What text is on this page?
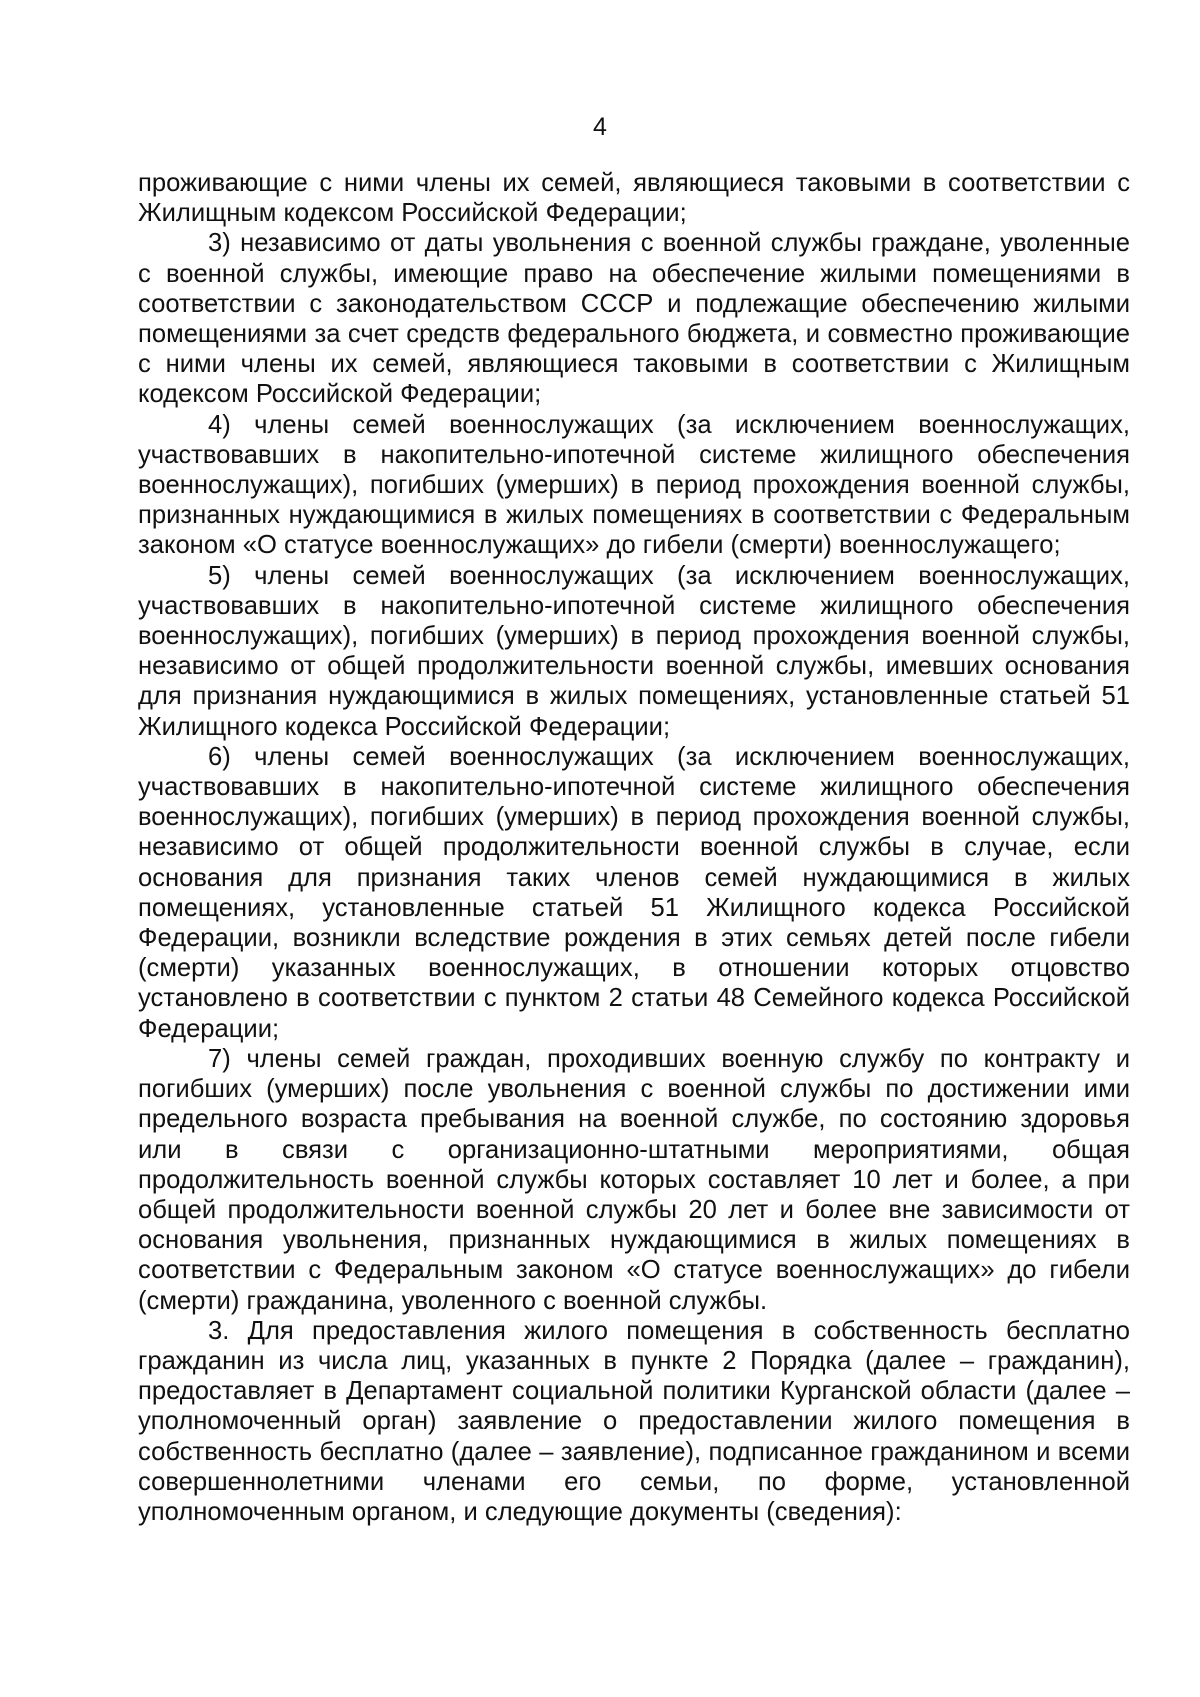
4

проживающие с ними члены их семей, являющиеся таковыми в соответствии с Жилищным кодексом Российской Федерации;

3) независимо от даты увольнения с военной службы граждане, уволенные с военной службы, имеющие право на обеспечение жилыми помещениями в соответствии с законодательством СССР и подлежащие обеспечению жилыми помещениями за счет средств федерального бюджета, и совместно проживающие с ними члены их семей, являющиеся таковыми в соответствии с Жилищным кодексом Российской Федерации;

4) члены семей военнослужащих (за исключением военнослужащих, участвовавших в накопительно-ипотечной системе жилищного обеспечения военнослужащих), погибших (умерших) в период прохождения военной службы, признанных нуждающимися в жилых помещениях в соответствии с Федеральным законом «О статусе военнослужащих» до гибели (смерти) военнослужащего;

5) члены семей военнослужащих (за исключением военнослужащих, участвовавших в накопительно-ипотечной системе жилищного обеспечения военнослужащих), погибших (умерших) в период прохождения военной службы, независимо от общей продолжительности военной службы, имевших основания для признания нуждающимися в жилых помещениях, установленные статьей 51 Жилищного кодекса Российской Федерации;

6) члены семей военнослужащих (за исключением военнослужащих, участвовавших в накопительно-ипотечной системе жилищного обеспечения военнослужащих), погибших (умерших) в период прохождения военной службы, независимо от общей продолжительности военной службы в случае, если основания для признания таких членов семей нуждающимися в жилых помещениях, установленные статьей 51 Жилищного кодекса Российской Федерации, возникли вследствие рождения в этих семьях детей после гибели (смерти) указанных военнослужащих, в отношении которых отцовство установлено в соответствии с пунктом 2 статьи 48 Семейного кодекса Российской Федерации;

7) члены семей граждан, проходивших военную службу по контракту и погибших (умерших) после увольнения с военной службы по достижении ими предельного возраста пребывания на военной службе, по состоянию здоровья или в связи с организационно-штатными мероприятиями, общая продолжительность военной службы которых составляет 10 лет и более, а при общей продолжительности военной службы 20 лет и более вне зависимости от основания увольнения, признанных нуждающимися в жилых помещениях в соответствии с Федеральным законом «О статусе военнослужащих» до гибели (смерти) гражданина, уволенного с военной службы.

3. Для предоставления жилого помещения в собственность бесплатно гражданин из числа лиц, указанных в пункте 2 Порядка (далее – гражданин), предоставляет в Департамент социальной политики Курганской области (далее – уполномоченный орган) заявление о предоставлении жилого помещения в собственность бесплатно (далее – заявление), подписанное гражданином и всеми совершеннолетними членами его семьи, по форме, установленной уполномоченным органом, и следующие документы (сведения):
